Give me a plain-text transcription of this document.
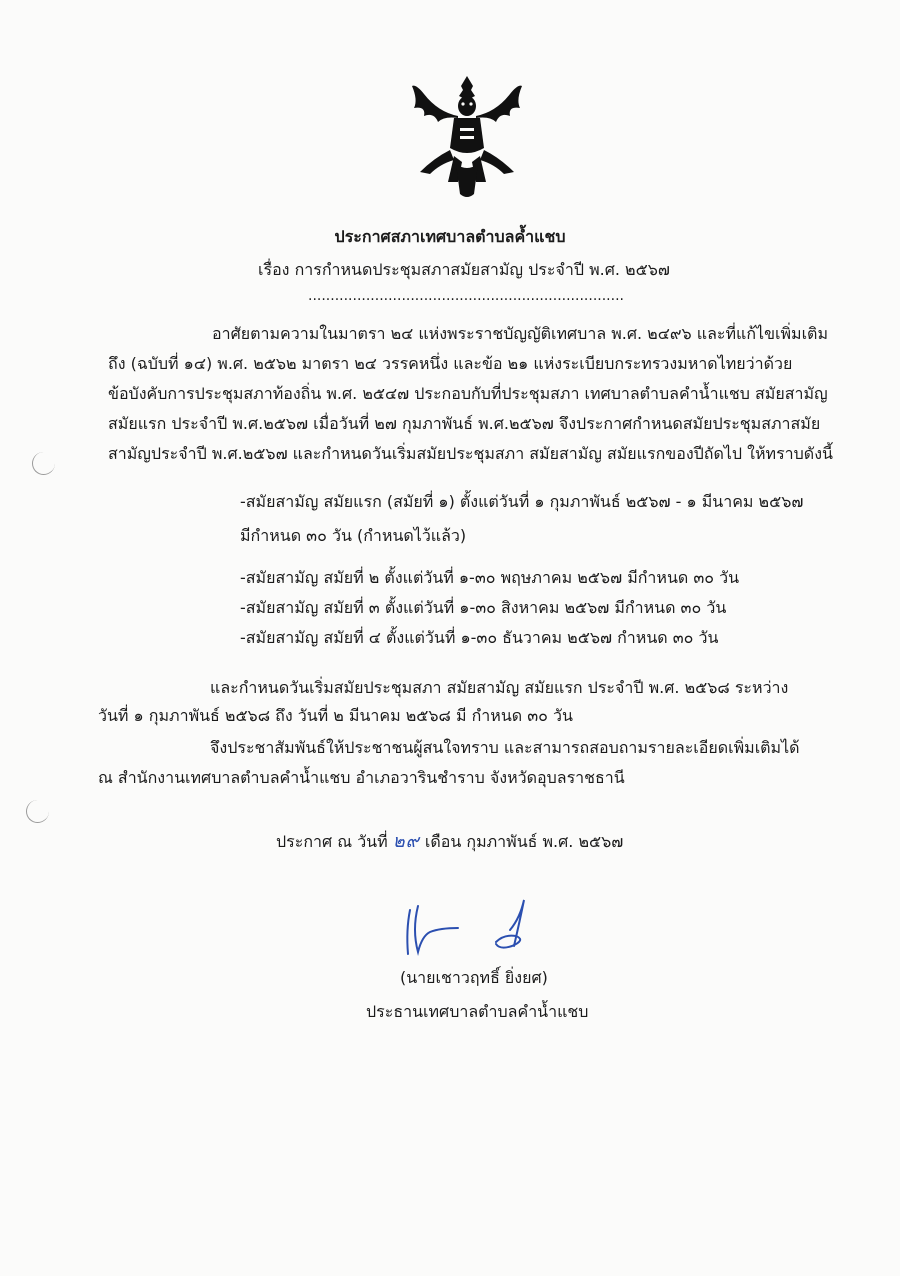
ประกาศสภาเทศบาลตำบลค้ำแชบ
เรื่อง การกำหนดประชุมสภาสมัยสามัญ ประจำปี พ.ศ. ๒๕๖๗
.......................................................................
อาศัยตามความในมาตรา ๒๔ แห่งพระราชบัญญัติเทศบาล พ.ศ. ๒๔๙๖ และที่แก้ไขเพิ่มเติม
ถึง (ฉบับที่ ๑๔) พ.ศ. ๒๕๖๒ มาตรา ๒๔ วรรคหนึ่ง และข้อ ๒๑ แห่งระเบียบกระทรวงมหาดไทยว่าด้วย
ข้อบังคับการประชุมสภาท้องถิ่น พ.ศ. ๒๕๔๗ ประกอบกับที่ประชุมสภา เทศบาลตำบลคำน้ำแชบ สมัยสามัญ
สมัยแรก ประจำปี พ.ศ.๒๕๖๗ เมื่อวันที่ ๒๗ กุมภาพันธ์ พ.ศ.๒๕๖๗ จึงประกาศกำหนดสมัยประชุมสภาสมัย
สามัญประจำปี พ.ศ.๒๕๖๗ และกำหนดวันเริ่มสมัยประชุมสภา สมัยสามัญ สมัยแรกของปีถัดไป ให้ทราบดังนี้
-สมัยสามัญ สมัยแรก (สมัยที่ ๑) ตั้งแต่วันที่ ๑ กุมภาพันธ์ ๒๕๖๗ - ๑ มีนาคม ๒๕๖๗
มีกำหนด ๓๐ วัน (กำหนดไว้แล้ว)
-สมัยสามัญ สมัยที่ ๒ ตั้งแต่วันที่ ๑-๓๐ พฤษภาคม ๒๕๖๗ มีกำหนด ๓๐ วัน
-สมัยสามัญ สมัยที่ ๓ ตั้งแต่วันที่ ๑-๓๐ สิงหาคม ๒๕๖๗ มีกำหนด ๓๐ วัน
-สมัยสามัญ สมัยที่ ๔ ตั้งแต่วันที่ ๑-๓๐ ธันวาคม ๒๕๖๗ กำหนด ๓๐ วัน
และกำหนดวันเริ่มสมัยประชุมสภา สมัยสามัญ สมัยแรก ประจำปี พ.ศ. ๒๕๖๘ ระหว่าง
วันที่ ๑ กุมภาพันธ์ ๒๕๖๘ ถึง วันที่ ๒ มีนาคม ๒๕๖๘ มี กำหนด ๓๐ วัน
จึงประชาสัมพันธ์ให้ประชาชนผู้สนใจทราบ และสามารถสอบถามรายละเอียดเพิ่มเติมได้
ณ สำนักงานเทศบาลตำบลคำน้ำแชบ อำเภอวารินชำราบ จังหวัดอุบลราชธานี
ประกาศ ณ วันที่ ๒๙ เดือน กุมภาพันธ์ พ.ศ. ๒๕๖๗
(นายเชาวฤทธิ์ ยิ่งยศ)
ประธานเทศบาลตำบลคำน้ำแชบ
